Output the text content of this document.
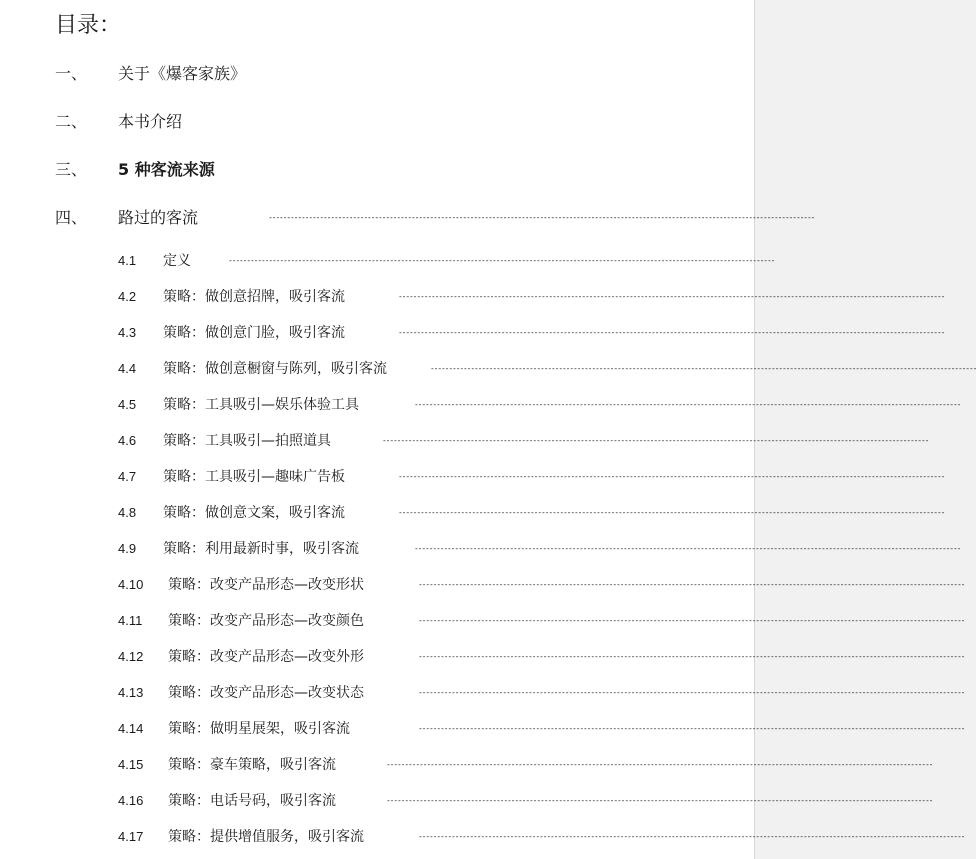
目录：
一、 关于《爆客家族》
二、 本书介绍
三、 5 种客流来源
四、 路过的客流	-----------------------------------------------------------------------------------------------------------------------------------------------------
4.1 定义	-----------------------------------------------------------------------------------------------------------------------------------------------------
4.2 策略：做创意招牌，吸引客流	-----------------------------------------------------------------------------------------------------------------------------------------------------
4.3 策略：做创意门脸，吸引客流	-----------------------------------------------------------------------------------------------------------------------------------------------------
4.4 策略：做创意橱窗与陈列，吸引客流	-----------------------------------------------------------------------------------------------------------------------------------------------------
4.5 策略：工具吸引—娱乐体验工具	-----------------------------------------------------------------------------------------------------------------------------------------------------
4.6 策略：工具吸引—拍照道具	-----------------------------------------------------------------------------------------------------------------------------------------------------
4.7 策略：工具吸引—趣味广告板	-----------------------------------------------------------------------------------------------------------------------------------------------------
4.8 策略：做创意文案，吸引客流	-----------------------------------------------------------------------------------------------------------------------------------------------------
4.9 策略：利用最新时事，吸引客流	-----------------------------------------------------------------------------------------------------------------------------------------------------
4.10 策略：改变产品形态—改变形状	-----------------------------------------------------------------------------------------------------------------------------------------------------
4.11 策略：改变产品形态—改变颜色	-----------------------------------------------------------------------------------------------------------------------------------------------------
4.12 策略：改变产品形态—改变外形	-----------------------------------------------------------------------------------------------------------------------------------------------------
4.13 策略：改变产品形态—改变状态	-----------------------------------------------------------------------------------------------------------------------------------------------------
4.14 策略：做明星展架，吸引客流	-----------------------------------------------------------------------------------------------------------------------------------------------------
4.15 策略：豪车策略，吸引客流	-----------------------------------------------------------------------------------------------------------------------------------------------------
4.16 策略：电话号码，吸引客流	-----------------------------------------------------------------------------------------------------------------------------------------------------
4.17 策略：提供增值服务，吸引客流	-----------------------------------------------------------------------------------------------------------------------------------------------------
